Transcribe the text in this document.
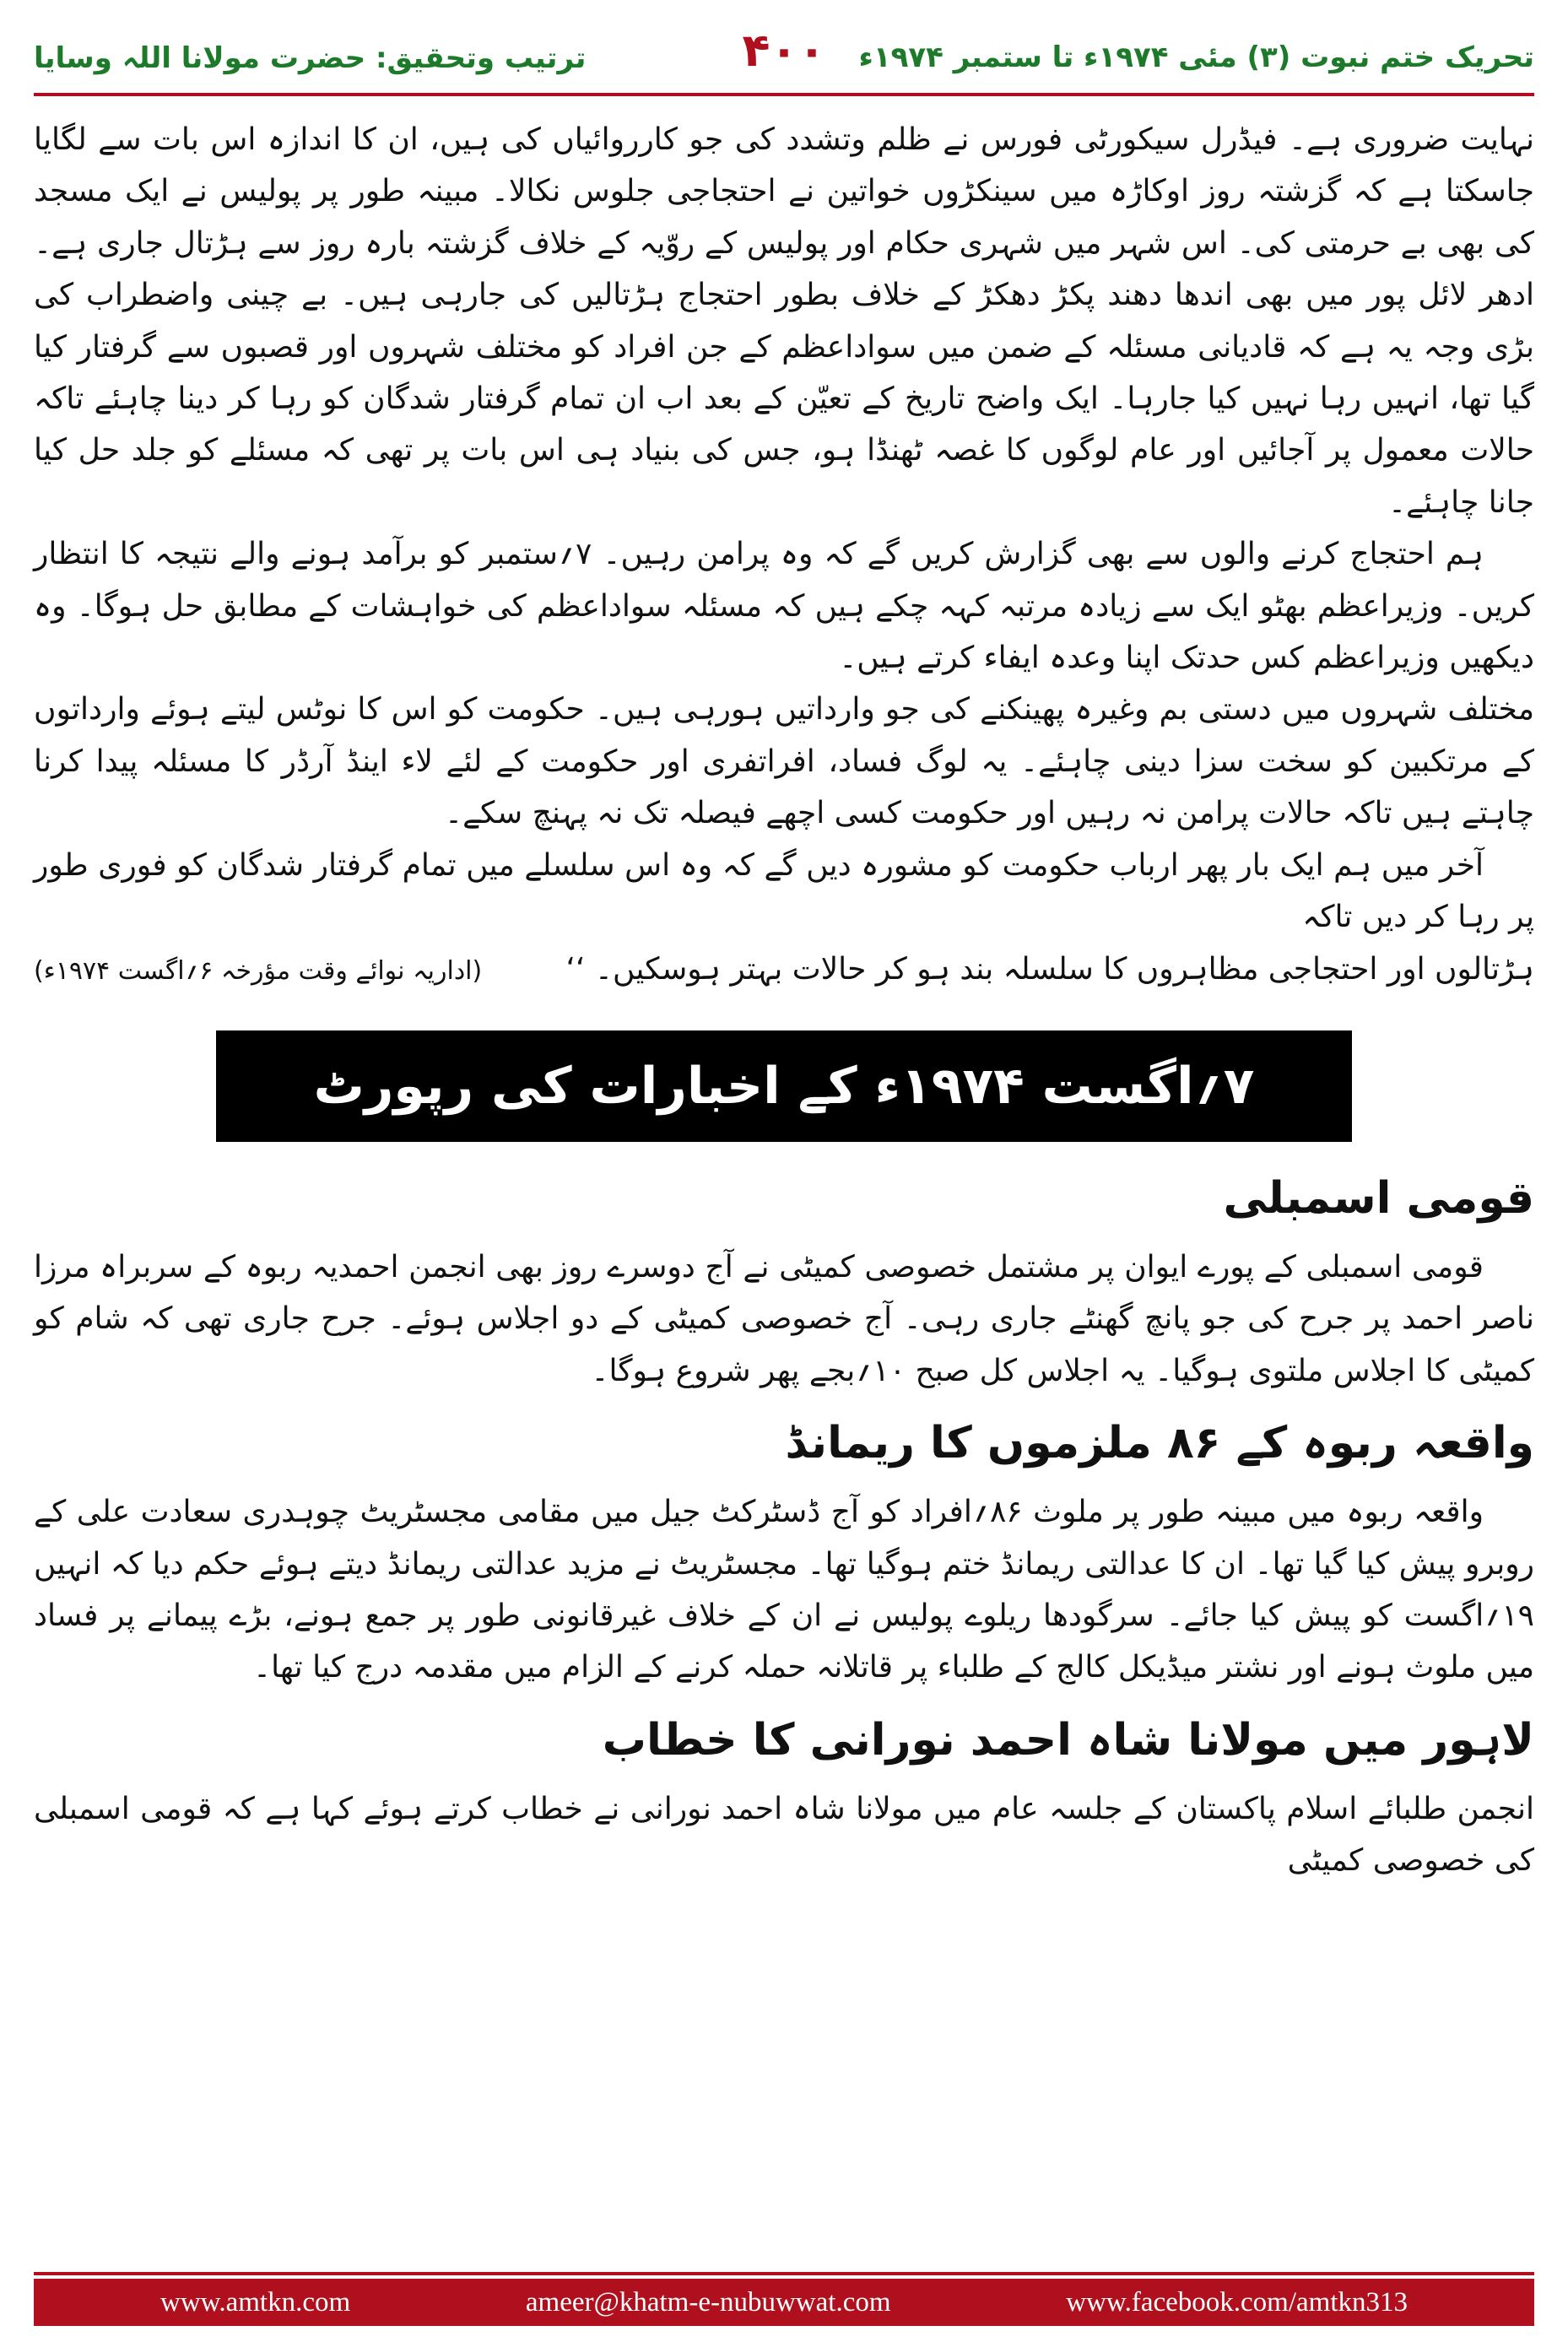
ترتیب وتحقیق: حضرت مولانا اللہ وسایا	۴۰۰	تحریک ختم نبوت (۳) مئی ۱۹۷۴ء تا ستمبر ۱۹۷۴ء

نہایت ضروری ہے۔ فیڈرل سیکورٹی فورس نے ظلم وتشدد کی جو کارروائیاں کی ہیں، ان کا اندازہ اس بات سے لگایا جاسکتا ہے کہ گزشتہ روز اوکاڑہ میں سینکڑوں خواتین نے احتجاجی جلوس نکالا۔ مبینہ طور پر پولیس نے ایک مسجد کی بھی بے حرمتی کی۔ اس شہر میں شہری حکام اور پولیس کے روّیہ کے خلاف گزشتہ بارہ روز سے ہڑتال جاری ہے۔ ادھر لائل پور میں بھی اندھا دھند پکڑ دھکڑ کے خلاف بطور احتجاج ہڑتالیں کی جارہی ہیں۔ بے چینی واضطراب کی بڑی وجہ یہ ہے کہ قادیانی مسئلہ کے ضمن میں سواداعظم کے جن افراد کو مختلف شہروں اور قصبوں سے گرفتار کیا گیا تھا، انہیں رہا نہیں کیا جارہا۔ ایک واضح تاریخ کے تعیّن کے بعد اب ان تمام گرفتار شدگان کو رہا کر دینا چاہئے تاکہ حالات معمول پر آجائیں اور عام لوگوں کا غصہ ٹھنڈا ہو، جس کی بنیاد ہی اس بات پر تھی کہ مسئلے کو جلد حل کیا جانا چاہئے۔

ہم احتجاج کرنے والوں سے بھی گزارش کریں گے کہ وہ پرامن رہیں۔ ۷؍ستمبر کو برآمد ہونے والے نتیجہ کا انتظار کریں۔ وزیراعظم بھٹو ایک سے زیادہ مرتبہ کہہ چکے ہیں کہ مسئلہ سواداعظم کی خواہشات کے مطابق حل ہوگا۔ وہ دیکھیں وزیراعظم کس حدتک اپنا وعدہ ایفاء کرتے ہیں۔

مختلف شہروں میں دستی بم وغیرہ پھینکنے کی جو وارداتیں ہورہی ہیں۔ حکومت کو اس کا نوٹس لیتے ہوئے وارداتوں کے مرتکبین کو سخت سزا دینی چاہئے۔ یہ لوگ فساد، افراتفری اور حکومت کے لئے لاء اینڈ آرڈر کا مسئلہ پیدا کرنا چاہتے ہیں تاکہ حالات پرامن نہ رہیں اور حکومت کسی اچھے فیصلہ تک نہ پہنچ سکے۔

آخر میں ہم ایک بار پھر ارباب حکومت کو مشورہ دیں گے کہ وہ اس سلسلے میں تمام گرفتار شدگان کو فوری طور پر رہا کر دیں تاکہ

ہڑتالوں اور احتجاجی مظاہروں کا سلسلہ بند ہو کر حالات بہتر ہوسکیں۔ ‘‘
(اداریہ نوائے وقت مؤرخہ ۶؍اگست ۱۹۷۴ء)
۷؍اگست ۱۹۷۴ء کے اخبارات کی رپورٹ
قومی اسمبلی

قومی اسمبلی کے پورے ایوان پر مشتمل خصوصی کمیٹی نے آج دوسرے روز بھی انجمن احمدیہ ربوہ کے سربراہ مرزا ناصر احمد پر جرح کی جو پانچ گھنٹے جاری رہی۔ آج خصوصی کمیٹی کے دو اجلاس ہوئے۔ جرح جاری تھی کہ شام کو کمیٹی کا اجلاس ملتوی ہوگیا۔ یہ اجلاس کل صبح ۱۰؍بجے پھر شروع ہوگا۔

واقعہ ربوہ کے ۸۶ ملزموں کا ریمانڈ

واقعہ ربوہ میں مبینہ طور پر ملوث ۸۶؍افراد کو آج ڈسٹرکٹ جیل میں مقامی مجسٹریٹ چوہدری سعادت علی کے روبرو پیش کیا گیا تھا۔ ان کا عدالتی ریمانڈ ختم ہوگیا تھا۔ مجسٹریٹ نے مزید عدالتی ریمانڈ دیتے ہوئے حکم دیا کہ انہیں ۱۹؍اگست کو پیش کیا جائے۔ سرگودھا ریلوے پولیس نے ان کے خلاف غیرقانونی طور پر جمع ہونے، بڑے پیمانے پر فساد میں ملوث ہونے اور نشتر میڈیکل کالج کے طلباء پر قاتلانہ حملہ کرنے کے الزام میں مقدمہ درج کیا تھا۔

لاہور میں مولانا شاہ احمد نورانی کا خطاب

انجمن طلبائے اسلام پاکستان کے جلسہ عام میں مولانا شاہ احمد نورانی نے خطاب کرتے ہوئے کہا ہے کہ قومی اسمبلی کی خصوصی کمیٹی

www.amtkn.com	ameer@khatm-e-nubuwwat.com	www.facebook.com/amtkn313
